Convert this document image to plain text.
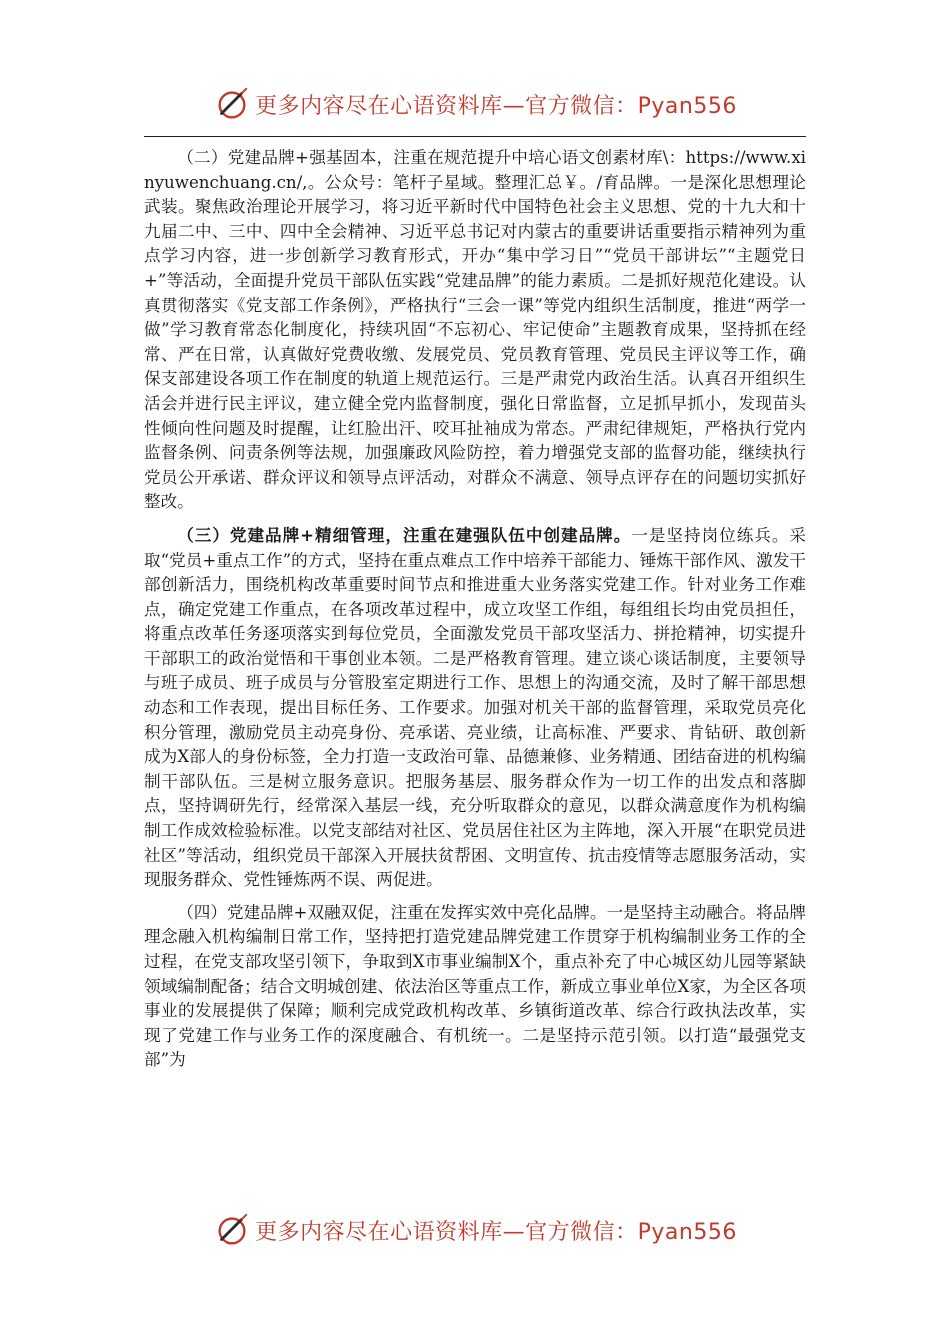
更多内容尽在心语资料库—官方微信：Pyan556

（二）党建品牌+强基固本，注重在规范提升中培心语文创素材库\：https://www.xinyuwenchuang.cn/,。公众号：笔杆子星域。整理汇总￥。/育品牌。一是深化思想理论武装。聚焦政治理论开展学习，将习近平新时代中国特色社会主义思想、党的十九大和十九届二中、三中、四中全会精神、习近平总书记对内蒙古的重要讲话重要指示精神列为重点学习内容，进一步创新学习教育形式，开办“集中学习日”“党员干部讲坛”“主题党日+”等活动，全面提升党员干部队伍实践“党建品牌”的能力素质。二是抓好规范化建设。认真贯彻落实《党支部工作条例》，严格执行“三会一课”等党内组织生活制度，推进“两学一做”学习教育常态化制度化，持续巩固“不忘初心、牢记使命”主题教育成果，坚持抓在经常、严在日常，认真做好党费收缴、发展党员、党员教育管理、党员民主评议等工作，确保支部建设各项工作在制度的轨道上规范运行。三是严肃党内政治生活。认真召开组织生活会并进行民主评议，建立健全党内监督制度，强化日常监督，立足抓早抓小，发现苗头性倾向性问题及时提醒，让红脸出汗、咬耳扯袖成为常态。严肃纪律规矩，严格执行党内监督条例、问责条例等法规，加强廉政风险防控，着力增强党支部的监督功能，继续执行党员公开承诺、群众评议和领导点评活动，对群众不满意、领导点评存在的问题切实抓好整改。

（三）党建品牌+精细管理，注重在建强队伍中创建品牌。一是坚持岗位练兵。采取“党员+重点工作”的方式，坚持在重点难点工作中培养干部能力、锤炼干部作风、激发干部创新活力，围绕机构改革重要时间节点和推进重大业务落实党建工作。针对业务工作难点，确定党建工作重点，在各项改革过程中，成立攻坚工作组，每组组长均由党员担任，将重点改革任务逐项落实到每位党员，全面激发党员干部攻坚活力、拼抢精神，切实提升干部职工的政治觉悟和干事创业本领。二是严格教育管理。建立谈心谈话制度，主要领导与班子成员、班子成员与分管股室定期进行工作、思想上的沟通交流，及时了解干部思想动态和工作表现，提出目标任务、工作要求。加强对机关干部的监督管理，采取党员亮化积分管理，激励党员主动亮身份、亮承诺、亮业绩，让高标准、严要求、肯钻研、敢创新成为X部人的身份标签，全力打造一支政治可靠、品德兼修、业务精通、团结奋进的机构编制干部队伍。三是树立服务意识。把服务基层、服务群众作为一切工作的出发点和落脚点，坚持调研先行，经常深入基层一线，充分听取群众的意见，以群众满意度作为机构编制工作成效检验标准。以党支部结对社区、党员居住社区为主阵地，深入开展“在职党员进社区”等活动，组织党员干部深入开展扶贫帮困、文明宣传、抗击疫情等志愿服务活动，实现服务群众、党性锤炼两不误、两促进。

（四）党建品牌+双融双促，注重在发挥实效中亮化品牌。一是坚持主动融合。将品牌理念融入机构编制日常工作，坚持把打造党建品牌党建工作贯穿于机构编制业务工作的全过程，在党支部攻坚引领下，争取到X市事业编制X个，重点补充了中心城区幼儿园等紧缺领域编制配备；结合文明城创建、依法治区等重点工作，新成立事业单位X家，为全区各项事业的发展提供了保障；顺利完成党政机构改革、乡镇街道改革、综合行政执法改革，实现了党建工作与业务工作的深度融合、有机统一。二是坚持示范引领。以打造“最强党支部”为

更多内容尽在心语资料库—官方微信：Pyan556
